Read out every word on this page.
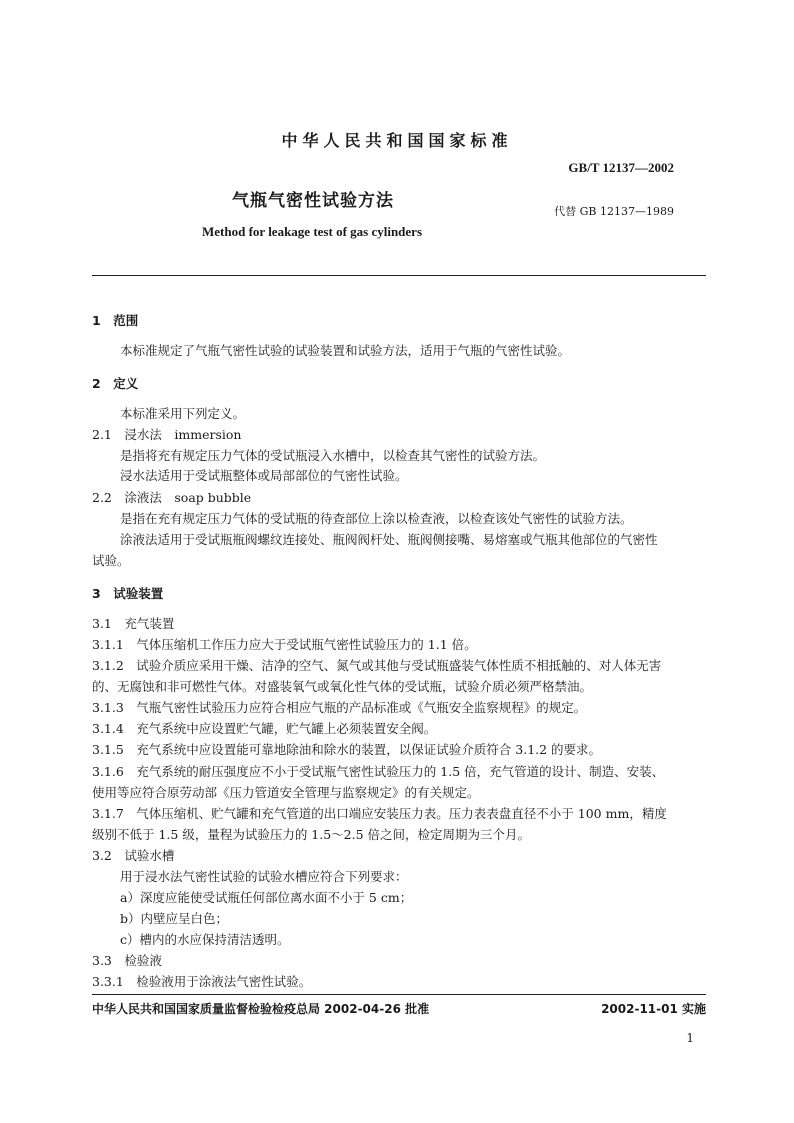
中华人民共和国国家标准
GB/T 12137—2002
气瓶气密性试验方法
代替 GB 12137—1989
Method for leakage test of gas cylinders
1　范围
本标准规定了气瓶气密性试验的试验装置和试验方法，适用于气瓶的气密性试验。
2　定义
本标准采用下列定义。
2.1　浸水法　immersion
是指将充有规定压力气体的受试瓶浸入水槽中，以检查其气密性的试验方法。
浸水法适用于受试瓶整体或局部部位的气密性试验。
2.2　涂液法　soap bubble
是指在充有规定压力气体的受试瓶的待查部位上涂以检查液，以检查该处气密性的试验方法。
涂液法适用于受试瓶瓶阀螺纹连接处、瓶阀阀杆处、瓶阀侧接嘴、易熔塞或气瓶其他部位的气密性
试验。
3　试验装置
3.1　充气装置
3.1.1　气体压缩机工作压力应大于受试瓶气密性试验压力的 1.1 倍。
3.1.2　试验介质应采用干燥、洁净的空气、氮气或其他与受试瓶盛装气体性质不相抵触的、对人体无害
的、无腐蚀和非可燃性气体。对盛装氧气或氧化性气体的受试瓶，试验介质必须严格禁油。
3.1.3　气瓶气密性试验压力应符合相应气瓶的产品标准或《气瓶安全监察规程》的规定。
3.1.4　充气系统中应设置贮气罐，贮气罐上必须装置安全阀。
3.1.5　充气系统中应设置能可靠地除油和除水的装置，以保证试验介质符合 3.1.2 的要求。
3.1.6　充气系统的耐压强度应不小于受试瓶气密性试验压力的 1.5 倍，充气管道的设计、制造、安装、
使用等应符合原劳动部《压力管道安全管理与监察规定》的有关规定。
3.1.7　气体压缩机、贮气罐和充气管道的出口端应安装压力表。压力表表盘直径不小于 100 mm，精度
级别不低于 1.5 级，量程为试验压力的 1.5～2.5 倍之间，检定周期为三个月。
3.2　试验水槽
用于浸水法气密性试验的试验水槽应符合下列要求：
a）深度应能使受试瓶任何部位离水面不小于 5 cm；
b）内壁应呈白色；
c）槽内的水应保持清洁透明。
3.3　检验液
3.3.1　检验液用于涂液法气密性试验。
中华人民共和国国家质量监督检验检疫总局 2002-04-26 批准	2002-11-01 实施
1
